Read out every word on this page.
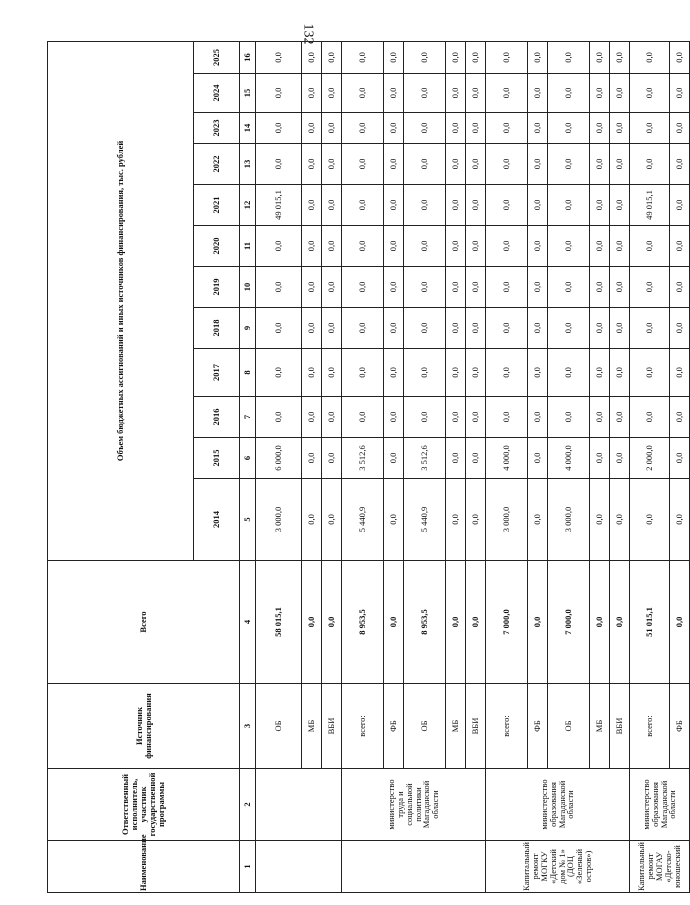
132
Наименование	Ответственный исполнитель, участник государственной программы	Источник финансирования	Всего	Объем бюджетных ассигнований и иных источников финансирования, тыс. рублей											
				2014	2015	2016	2017	2018	2019	2020	2021	2022	2023	2024	2025
1	2	3	4	5	6	7	8	9	10	11	12	13	14	15	16
		ОБ	58 015,1	3 000,0	6 000,0	0,0	0,0	0,0	0,0	0,0	49 015,1	0,0	0,0	0,0	0,0
		МБ	0,0	0,0	0,0	0,0	0,0	0,0	0,0	0,0	0,0	0,0	0,0	0,0	0,0
		ВБИ	0,0	0,0	0,0	0,0	0,0	0,0	0,0	0,0	0,0	0,0	0,0	0,0	0,0
	министерство труда и социальной политики Магаданской области	всего:	8 953,5	5 440,9	3 512,6	0,0	0,0	0,0	0,0	0,0	0,0	0,0	0,0	0,0	0,0
		ФБ	0,0	0,0	0,0	0,0	0,0	0,0	0,0	0,0	0,0	0,0	0,0	0,0	0,0
		ОБ	8 953,5	5 440,9	3 512,6	0,0	0,0	0,0	0,0	0,0	0,0	0,0	0,0	0,0	0,0
		МБ	0,0	0,0	0,0	0,0	0,0	0,0	0,0	0,0	0,0	0,0	0,0	0,0	0,0
		ВБИ	0,0	0,0	0,0	0,0	0,0	0,0	0,0	0,0	0,0	0,0	0,0	0,0	0,0
Капитальный ремонт МОГКУ «Детский дом № 1» (ДОЦ «Зеленый остров»)	министерство образования Магаданской области	всего:	7 000,0	3 000,0	4 000,0	0,0	0,0	0,0	0,0	0,0	0,0	0,0	0,0	0,0	0,0
		ФБ	0,0	0,0	0,0	0,0	0,0	0,0	0,0	0,0	0,0	0,0	0,0	0,0	0,0
		ОБ	7 000,0	3 000,0	4 000,0	0,0	0,0	0,0	0,0	0,0	0,0	0,0	0,0	0,0	0,0
		МБ	0,0	0,0	0,0	0,0	0,0	0,0	0,0	0,0	0,0	0,0	0,0	0,0	0,0
		ВБИ	0,0	0,0	0,0	0,0	0,0	0,0	0,0	0,0	0,0	0,0	0,0	0,0	0,0
Капитальный ремонт МОГАУ «Детско-юношеский	министерство образования Магаданской области	всего:	51 015,1	0,0	2 000,0	0,0	0,0	0,0	0,0	0,0	49 015,1	0,0	0,0	0,0	0,0
		ФБ	0,0	0,0	0,0	0,0	0,0	0,0	0,0	0,0	0,0	0,0	0,0	0,0	0,0
